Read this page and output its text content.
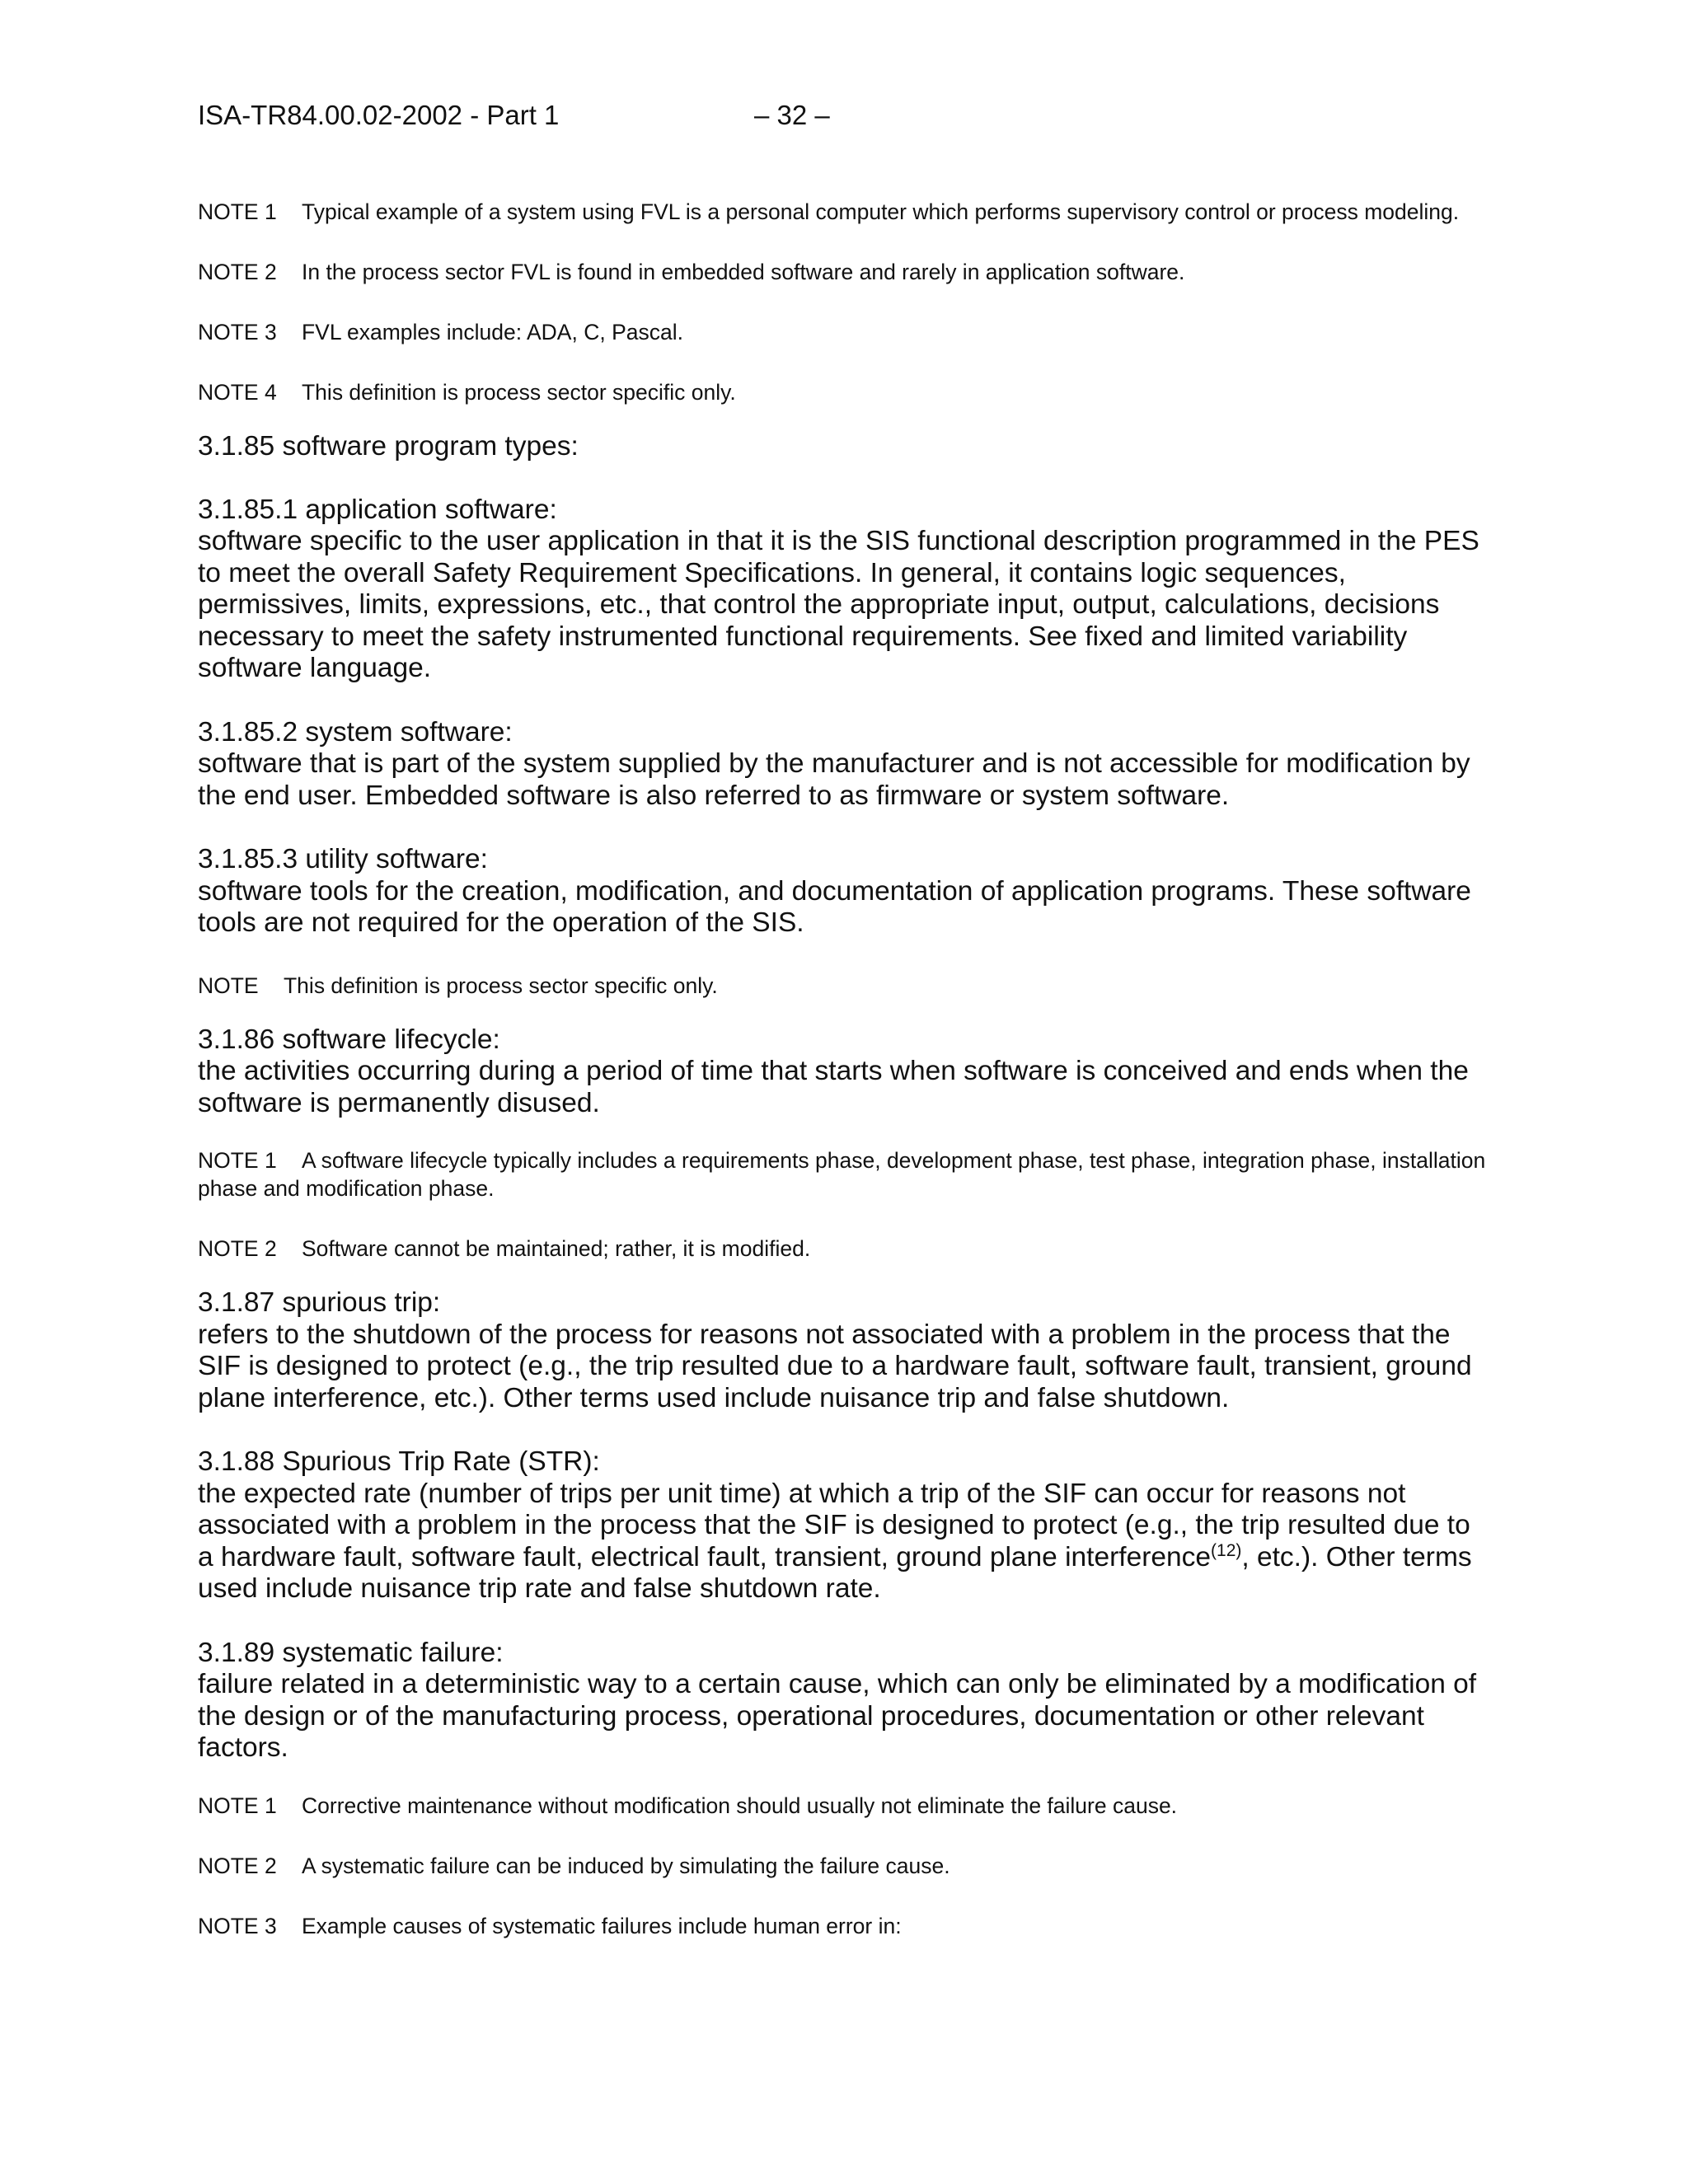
ISA-TR84.00.02-2002 - Part 1	– 32 –
NOTE 1 Typical example of a system using FVL is a personal computer which performs supervisory control or process modeling.
NOTE 2 In the process sector FVL is found in embedded software and rarely in application software.
NOTE 3 FVL examples include: ADA, C, Pascal.
NOTE 4 This definition is process sector specific only.
3.1.85 software program types:
3.1.85.1 application software:
software specific to the user application in that it is the SIS functional description programmed in the PES to meet the overall Safety Requirement Specifications. In general, it contains logic sequences, permissives, limits, expressions, etc., that control the appropriate input, output, calculations, decisions necessary to meet the safety instrumented functional requirements. See fixed and limited variability software language.
3.1.85.2 system software:
software that is part of the system supplied by the manufacturer and is not accessible for modification by the end user. Embedded software is also referred to as firmware or system software.
3.1.85.3 utility software:
software tools for the creation, modification, and documentation of application programs. These software tools are not required for the operation of the SIS.
NOTE This definition is process sector specific only.
3.1.86 software lifecycle:
the activities occurring during a period of time that starts when software is conceived and ends when the software is permanently disused.
NOTE 1 A software lifecycle typically includes a requirements phase, development phase, test phase, integration phase, installation phase and modification phase.
NOTE 2 Software cannot be maintained; rather, it is modified.
3.1.87 spurious trip:
refers to the shutdown of the process for reasons not associated with a problem in the process that the SIF is designed to protect (e.g., the trip resulted due to a hardware fault, software fault, transient, ground plane interference, etc.). Other terms used include nuisance trip and false shutdown.
3.1.88 Spurious Trip Rate (STR):
the expected rate (number of trips per unit time) at which a trip of the SIF can occur for reasons not associated with a problem in the process that the SIF is designed to protect (e.g., the trip resulted due to a hardware fault, software fault, electrical fault, transient, ground plane interference$^{(12)}$, etc.). Other terms used include nuisance trip rate and false shutdown rate.
3.1.89 systematic failure:
failure related in a deterministic way to a certain cause, which can only be eliminated by a modification of the design or of the manufacturing process, operational procedures, documentation or other relevant factors.
NOTE 1 Corrective maintenance without modification should usually not eliminate the failure cause.
NOTE 2 A systematic failure can be induced by simulating the failure cause.
NOTE 3 Example causes of systematic failures include human error in:
